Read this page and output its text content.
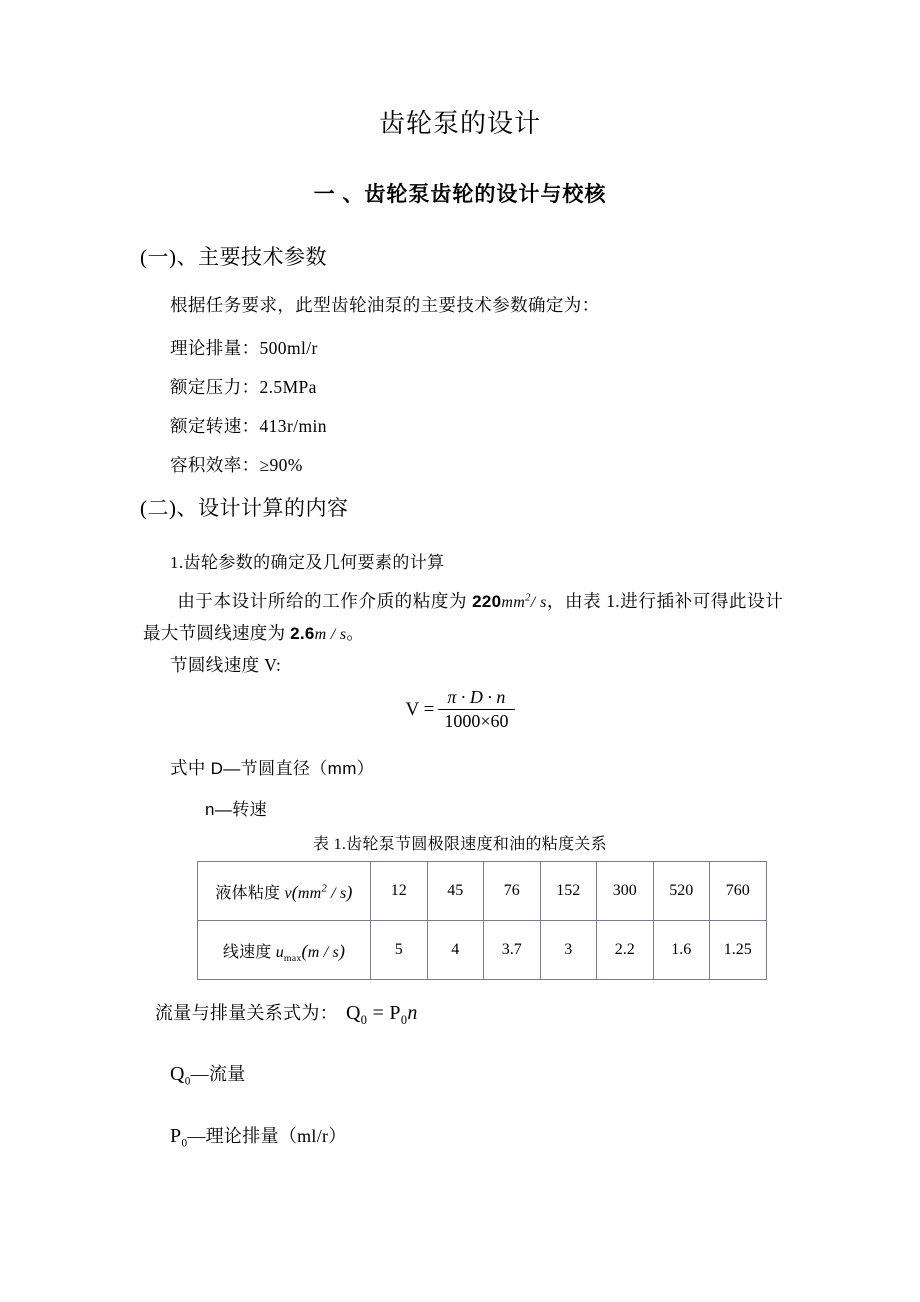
齿轮泵的设计
一 、齿轮泵齿轮的设计与校核
(一)、主要技术参数
根据任务要求，此型齿轮油泵的主要技术参数确定为：
理论排量：500ml/r
额定压力：2.5MPa
额定转速：413r/min
容积效率：≥90%
(二)、设计计算的内容
1.齿轮参数的确定及几何要素的计算
由于本设计所给的工作介质的粘度为 $220mm^2/$ s，由表 1.进行插补可得此设计最大节圆线速度为 2.6m / s。
节圆线速度 V:
$V = \frac{\pi \cdot D \cdot n}{1000\times 60}$
式中 D—节圆直径（mm）
n—转速
表 1.齿轮泵节圆极限速度和油的粘度关系
液体粘度 $\nu(mm^2 / s)$	12	45	76	152	300	520	760
线速度 $u_{max}(m / s)$	5	4	3.7	3	2.2	1.6	1.25
流量与排量关系式为： $Q_0 = P_0n$
$Q_0—$流量
$P_0—$理论排量（ml/r）
